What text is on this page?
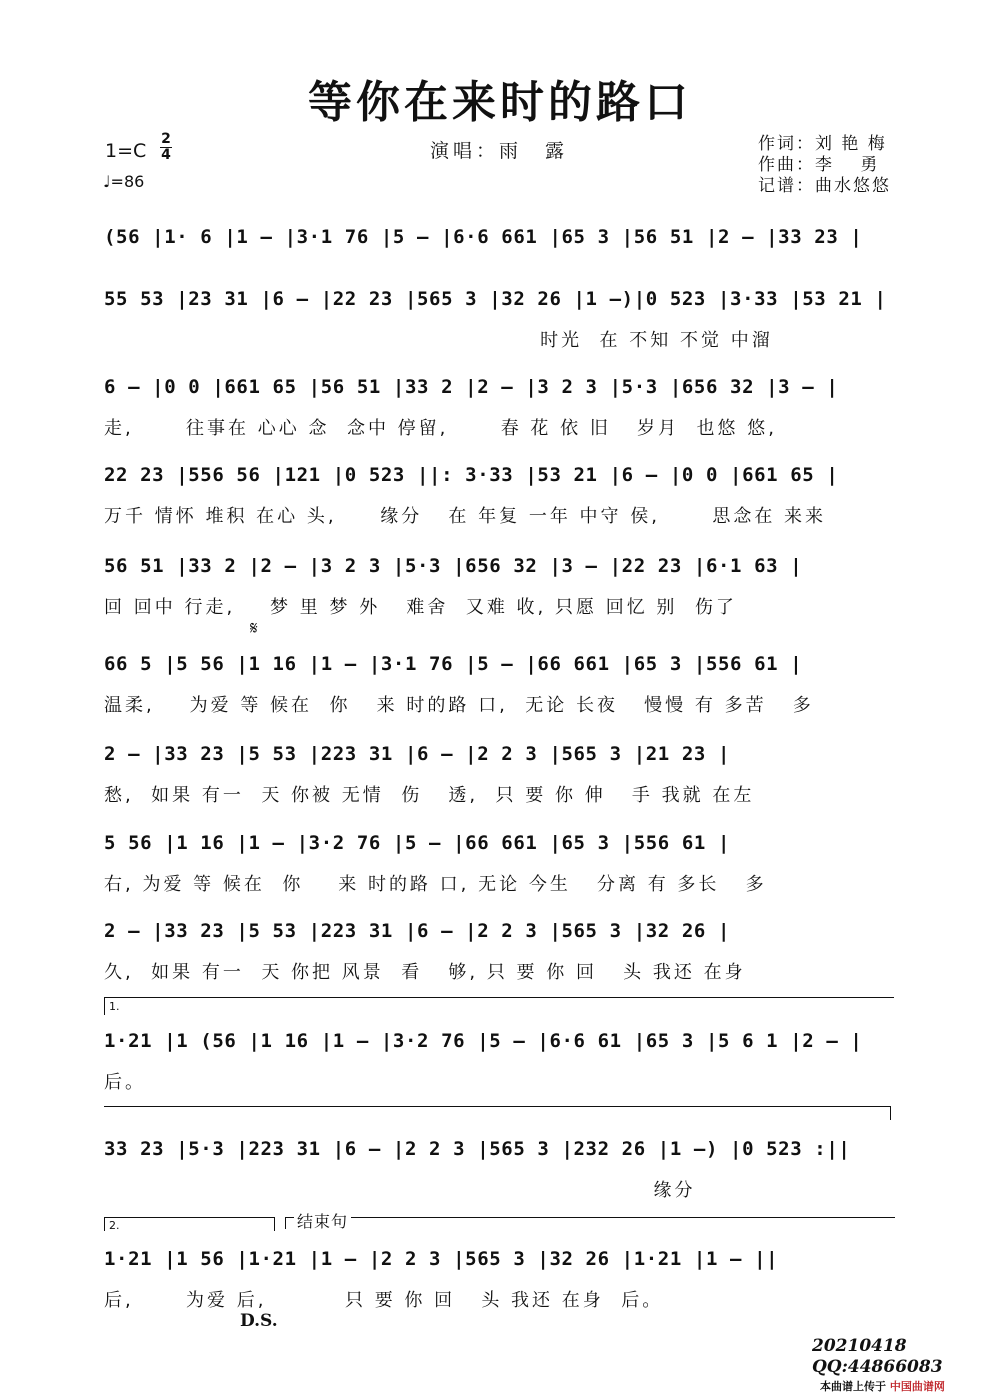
等你在来时的路口
1=C
2
4
♩=86
演唱：雨　露	作词：刘 艳 梅
作曲：李　 勇
记谱：曲水悠悠
(56 |1· 6 |1 – |3·1 76 |5 – |6·6 661 |65 3 |56 51 |2 – |33 23 |
55 53 |23 31 |6 – |22 23 |565 3 |32 26 |1 –)|0 523 |3·33 |53 21 |
时光  在 不知 不觉 中溜
6 – |0 0 |661 65 |56 51 |33 2 |2 – |3 2 3 |5·3 |656 32 |3 – |
走,      往事在 心心 念  念中 停留,      春 花 依 旧   岁月  也悠 悠,
22 23 |556 56 |121 |0 523 ||: 3·33 |53 21 |6 – |0 0 |661 65 |
万千 情怀 堆积 在心 头,     缘分   在 年复 一年 中守 侯,      思念在 来来
56 51 |33 2 |2 – |3 2 3 |5·3 |656 32 |3 – |22 23 |6·1 63 |
回 回中 行走,    梦 里 梦 外   难舍  又难 收, 只愿 回忆 别  伤了
𝄋
66 5 |5 56 |1 16 |1 – |3·1 76 |5 – |66 661 |65 3 |556 61 |
温柔,    为爱 等 候在  你   来 时的路 口,  无论 长夜   慢慢 有 多苦   多
2 – |33 23 |5 53 |223 31 |6 – |2 2 3 |565 3 |21 23 |
愁,  如果 有一  天 你被 无情  伤   透,  只 要 你 伸   手 我就 在左
5 56 |1 16 |1 – |3·2 76 |5 – |66 661 |65 3 |556 61 |
右, 为爱 等 候在  你    来 时的路 口, 无论 今生   分离 有 多长   多
2 – |33 23 |5 53 |223 31 |6 – |2 2 3 |565 3 |32 26 |
久,  如果 有一  天 你把 风景  看   够, 只 要 你 回   头 我还 在身
1.
1·21 |1 (56 |1 16 |1 – |3·2 76 |5 – |6·6 61 |65 3 |5 6 1 |2 – |
后。
33 23 |5·3 |223 31 |6 – |2 2 3 |565 3 |232 26 |1 –) |0 523 :||
缘分
2.	结束句
1·21 |1 56 |1·21 |1 – |2 2 3 |565 3 |32 26 |1·21 |1 – ||
后,      为爱 后,         只 要 你 回   头 我还 在身  后。
D.S.
20210418
QQ:44866083
本曲谱上传于 中国曲谱网
